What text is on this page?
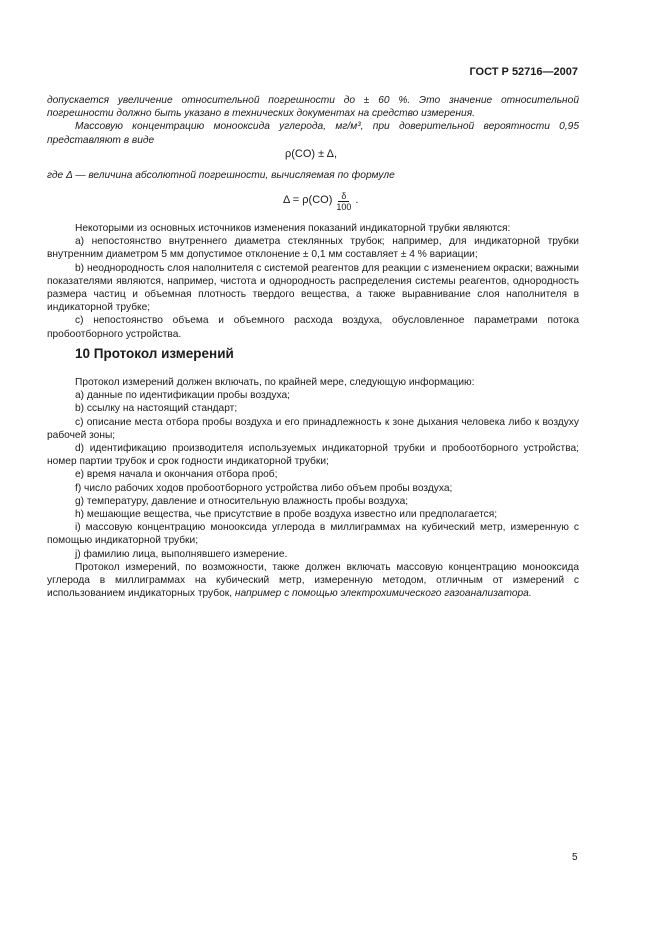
ГОСТ Р 52716—2007

допускается увеличение относительной погрешности до ± 60 %. Это значение относительной погрешности должно быть указано в технических документах на средство измерения.

Массовую концентрацию монооксида углерода, мг/м³, при доверительной вероятности 0,95 представляют в виде

ρ(CO) ± Δ,
где Δ — величина абсолютной погрешности, вычисляемая по формуле
$\Delta = \rho(CO) \frac{\delta}{100}$ .

Некоторыми из основных источников изменения показаний индикаторной трубки являются:

а) непостоянство внутреннего диаметра стеклянных трубок; например, для индикаторной трубки внутренним диаметром 5 мм допустимое отклонение ± 0,1 мм составляет ± 4 % вариации;

b) неоднородность слоя наполнителя с системой реагентов для реакции с изменением окраски; важными показателями являются, например, чистота и однородность распределения системы реагентов, однородность размера частиц и объемная плотность твердого вещества, а также выравнивание слоя наполнителя в индикаторной трубке;

с) непостоянство объема и объемного расхода воздуха, обусловленное параметрами потока пробоотборного устройства.

10 Протокол измерений

Протокол измерений должен включать, по крайней мере, следующую информацию:

а) данные по идентификации пробы воздуха;

b) ссылку на настоящий стандарт;

с) описание места отбора пробы воздуха и его принадлежность к зоне дыхания человека либо к воздуху рабочей зоны;

d) идентификацию производителя используемых индикаторной трубки и пробоотборного устройства; номер партии трубок и срок годности индикаторной трубки;

е) время начала и окончания отбора проб;

f) число рабочих ходов пробоотборного устройства либо объем пробы воздуха;

g) температуру, давление и относительную влажность пробы воздуха;

h) мешающие вещества, чье присутствие в пробе воздуха известно или предполагается;

i) массовую концентрацию монооксида углерода в миллиграммах на кубический метр, измеренную с помощью индикаторной трубки;

j) фамилию лица, выполнявшего измерение.

Протокол измерений, по возможности, также должен включать массовую концентрацию монооксида углерода в миллиграммах на кубический метр, измеренную методом, отличным от измерений с использованием индикаторных трубок, например с помощью электрохимического газоанализатора.

5
